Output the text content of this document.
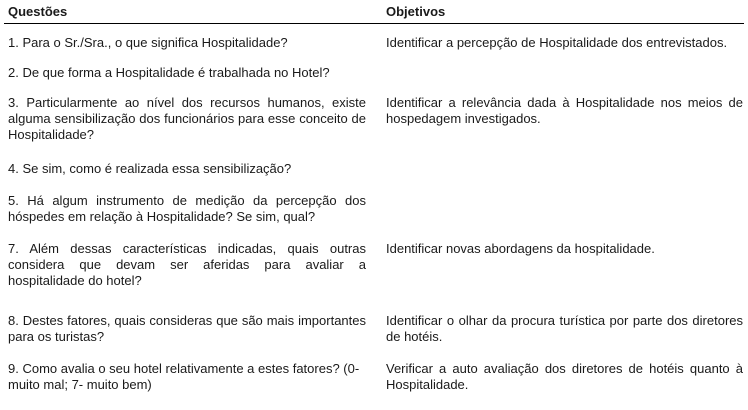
Questões	Objetivos
1. Para o Sr./Sra., o que significa Hospitalidade?
2. De que forma a Hospitalidade é trabalhada no Hotel?
3. Particularmente ao nível dos recursos humanos, existe alguma sensibilização dos funcionários para esse conceito de Hospitalidade?
4. Se sim, como é realizada essa sensibilização?
5. Há algum instrumento de medição da percepção dos hóspedes em relação à Hospitalidade? Se sim, qual?
7. Além dessas características indicadas, quais outras considera que devam ser aferidas para avaliar a hospitalidade do hotel?
8. Destes fatores, quais consideras que são mais importantes para os turistas?
9. Como avalia o seu hotel relativamente a estes fatores? (0- muito mal; 7- muito bem)
Identificar a percepção de Hospitalidade dos entrevistados.
Identificar a relevância dada à Hospitalidade nos meios de hospedagem investigados.
Identificar novas abordagens da hospitalidade.
Identificar o olhar da procura turística por parte dos diretores de hotéis.
Verificar a auto avaliação dos diretores de hotéis quanto à Hospitalidade.
